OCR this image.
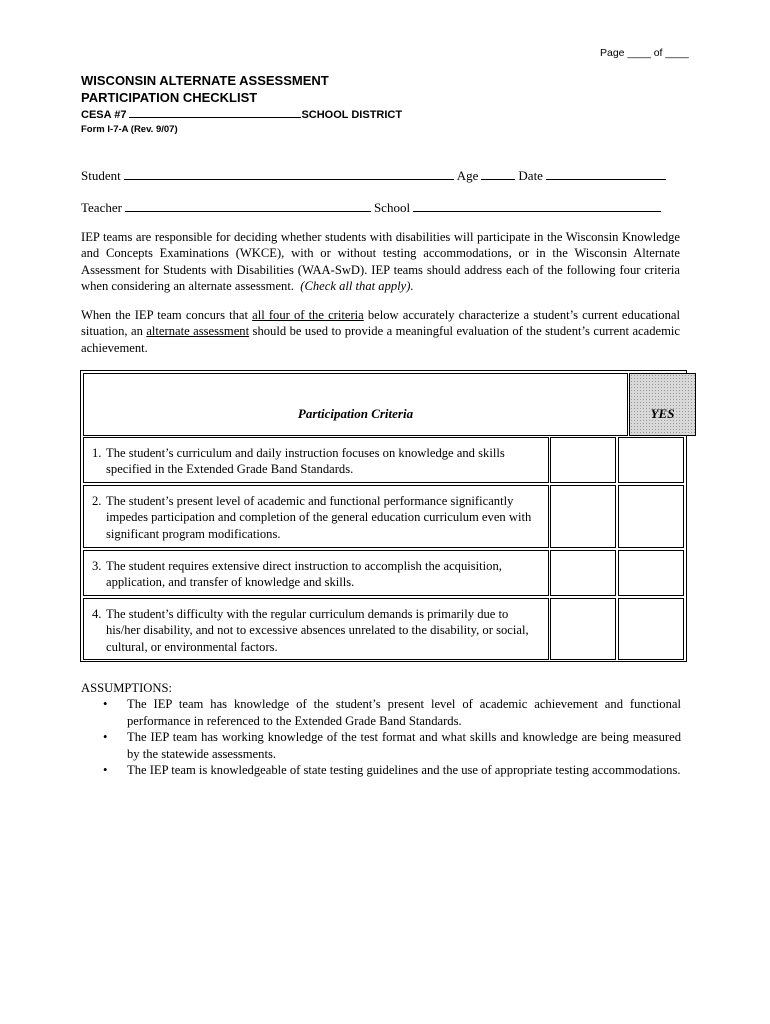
Page ____ of ____
WISCONSIN ALTERNATE ASSESSMENT
PARTICIPATION CHECKLIST
CESA #7	SCHOOL DISTRICT
Form I-7-A (Rev. 9/07)
Student	Age	Date
Teacher	School
IEP teams are responsible for deciding whether students with disabilities will participate in the Wisconsin Knowledge and Concepts Examinations (WKCE), with or without testing accommodations, or in the Wisconsin Alternate Assessment for Students with Disabilities (WAA-SwD). IEP teams should address each of the following four criteria when considering an alternate assessment. (Check all that apply).
When the IEP team concurs that all four of the criteria below accurately characterize a student’s current educational situation, an alternate assessment should be used to provide a meaningful evaluation of the student’s current academic achievement.
Participation Criteria	YES
1. The student’s curriculum and daily instruction focuses on knowledge and skills
specified in the Extended Grade Band Standards.
2. The student’s present level of academic and functional performance significantly
impedes participation and completion of the general education curriculum even with significant program modifications.
3. The student requires extensive direct instruction to accomplish the acquisition,
application, and transfer of knowledge and skills.
4. The student’s difficulty with the regular curriculum demands is primarily due to
his/her disability, and not to excessive absences unrelated to the disability, or social, cultural, or environmental factors.
ASSUMPTIONS:
• The IEP team has knowledge of the student’s present level of academic achievement and functional performance in referenced to the Extended Grade Band Standards.
• The IEP team has working knowledge of the test format and what skills and knowledge are being measured by the statewide assessments.
• The IEP team is knowledgeable of state testing guidelines and the use of appropriate testing accommodations.
